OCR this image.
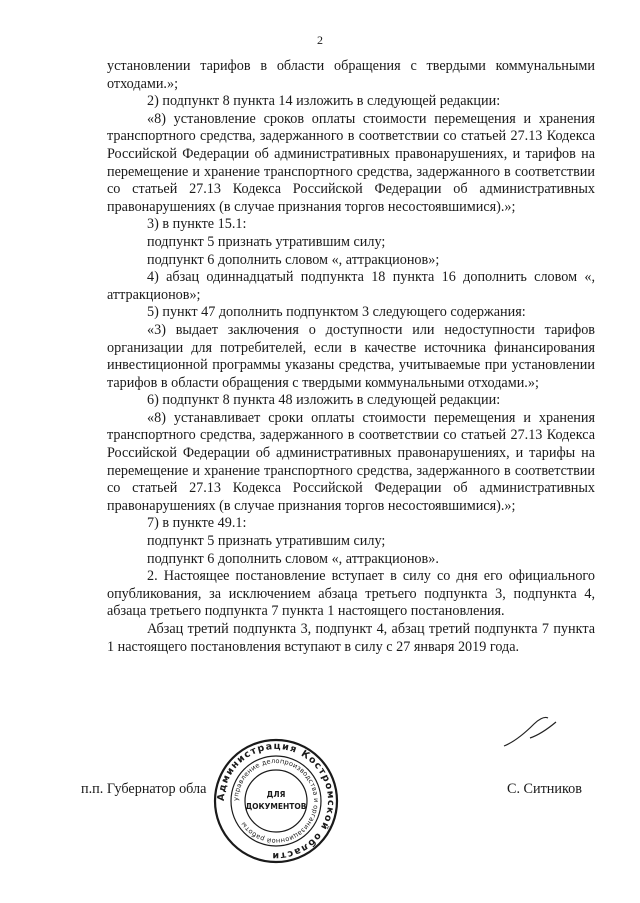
2

установлении тарифов в области обращения с твердыми коммунальными отходами.»;

2) подпункт 8 пункта 14 изложить в следующей редакции:

«8) установление сроков оплаты стоимости перемещения и хранения транспортного средства, задержанного в соответствии со статьей 27.13 Кодекса Российской Федерации об административных правонарушениях, и тарифов на перемещение и хранение транспортного средства, задержанного в соответствии со статьей 27.13 Кодекса Российской Федерации об административных правонарушениях (в случае признания торгов несостоявшимися).»;

3) в пункте 15.1:

подпункт 5 признать утратившим силу;

подпункт 6 дополнить словом «, аттракционов»;

4) абзац одиннадцатый подпункта 18 пункта 16 дополнить словом «, аттракционов»;

5) пункт 47 дополнить подпунктом 3 следующего содержания:

«3) выдает заключения о доступности или недоступности тарифов организации для потребителей, если в качестве источника финансирования инвестиционной программы указаны средства, учитываемые при установлении тарифов в области обращения с твердыми коммунальными отходами.»;

6) подпункт 8 пункта 48 изложить в следующей редакции:

«8) устанавливает сроки оплаты стоимости перемещения и хранения транспортного средства, задержанного в соответствии со статьей 27.13 Кодекса Российской Федерации об административных правонарушениях, и тарифы на перемещение и хранение транспортного средства, задержанного в соответствии со статьей 27.13 Кодекса Российской Федерации об административных правонарушениях (в случае признания торгов несостоявшимися).»;

7) в пункте 49.1:

подпункт 5 признать утратившим силу;

подпункт 6 дополнить словом «, аттракционов».

2. Настоящее постановление вступает в силу со дня его официального опубликования, за исключением абзаца третьего подпункта 3, подпункта 4, абзаца третьего подпункта 7 пункта 1 настоящего постановления.

Абзац третий подпункта 3, подпункт 4, абзац третий подпункта 7 пункта 1 настоящего постановления вступают в силу с 27 января 2019 года.

п.п. Губернатор обла Администрация Костромской области
управление делопроизводства и организационной работы
ДЛЯ
ДОКУМЕНТОВ
С. Ситников
